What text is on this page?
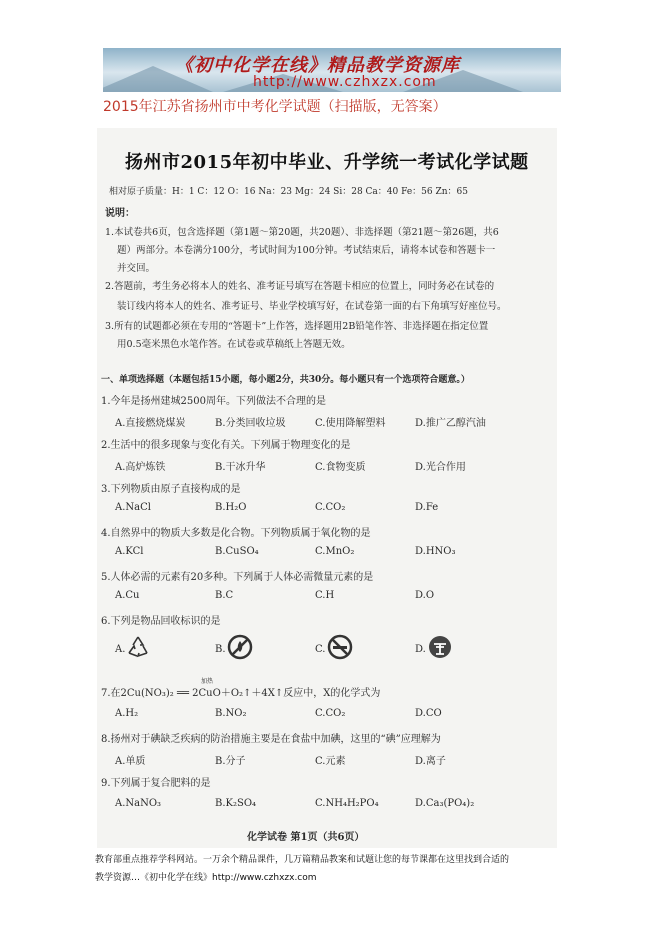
《初中化学在线》精品教学资源库
http://www.czhxzx.com
2015年江苏省扬州市中考化学试题（扫描版，无答案）
扬州市2015年初中毕业、升学统一考试化学试题
相对原子质量：H：1 C：12 O：16 Na：23 Mg：24 Si：28 Ca：40 Fe：56 Zn：65
说明：
1.本试卷共6页，包含选择题（第1题～第20题，共20题）、非选择题（第21题～第26题，共6
题）两部分。本卷满分100分，考试时间为100分钟。考试结束后，请将本试卷和答题卡一
并交回。
2.答题前，考生务必将本人的姓名、准考证号填写在答题卡相应的位置上，同时务必在试卷的
装订线内将本人的姓名、准考证号、毕业学校填写好，在试卷第一面的右下角填写好座位号。
3.所有的试题都必须在专用的“答题卡”上作答，选择题用2B铅笔作答、非选择题在指定位置
用0.5毫米黑色水笔作答。在试卷或草稿纸上答题无效。
一、单项选择题（本题包括15小题，每小题2分，共30分。每小题只有一个选项符合题意。）
1.今年是扬州建城2500周年。下列做法不合理的是
A.直接燃烧煤炭	B.分类回收垃圾	C.使用降解塑料	D.推广乙醇汽油
2.生活中的很多现象与变化有关。下列属于物理变化的是
A.高炉炼铁	B.干冰升华	C.食物变质	D.光合作用
3.下列物质由原子直接构成的是
A.NaCl	B.H₂O	C.CO₂	D.Fe
4.自然界中的物质大多数是化合物。下列物质属于氧化物的是
A.KCl	B.CuSO₄	C.MnO₂	D.HNO₃
5.人体必需的元素有20多种。下列属于人体必需微量元素的是
A.Cu	B.C	C.H	D.O
6.下列是物品回收标识的是
A.	B.	C.	D.
7.在2Cu(NO₃)₂ ══ 2CuO＋O₂↑＋4X↑反应中，X的化学式为
加热
A.H₂	B.NO₂	C.CO₂	D.CO
8.扬州对于碘缺乏疾病的防治措施主要是在食盐中加碘，这里的“碘”应理解为
A.单质	B.分子	C.元素	D.离子
9.下列属于复合肥料的是
A.NaNO₃	B.K₂SO₄	C.NH₄H₂PO₄	D.Ca₃(PO₄)₂
化学试卷 第1页（共6页）
教育部重点推荐学科网站。一万余个精品课件，几万篇精品教案和试题让您的每节课都在这里找到合适的
教学资源…《初中化学在线》http://www.czhxzx.com
